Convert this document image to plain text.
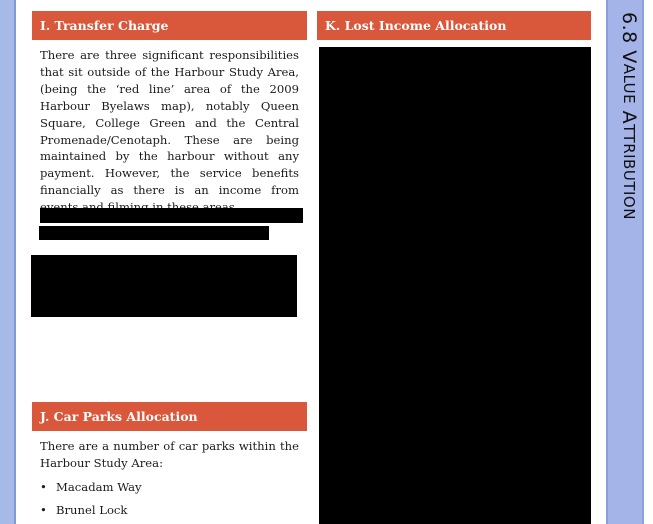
6.8 VALUE ATTRIBUTION
I. Transfer Charge

There are three significant responsibilities that sit outside of the Harbour Study Area, (being the ‘red line’ area of the 2009 Harbour Byelaws map), notably Queen Square, College Green and the Central Promenade/Cenotaph. These are being maintained by the harbour without any payment. However, the service benefits financially as there is an income from

K. Lost Income Allocation
J. Car Parks Allocation

There are a number of car parks within the Harbour Study Area:

• Macadam Way
• Brunel Lock
